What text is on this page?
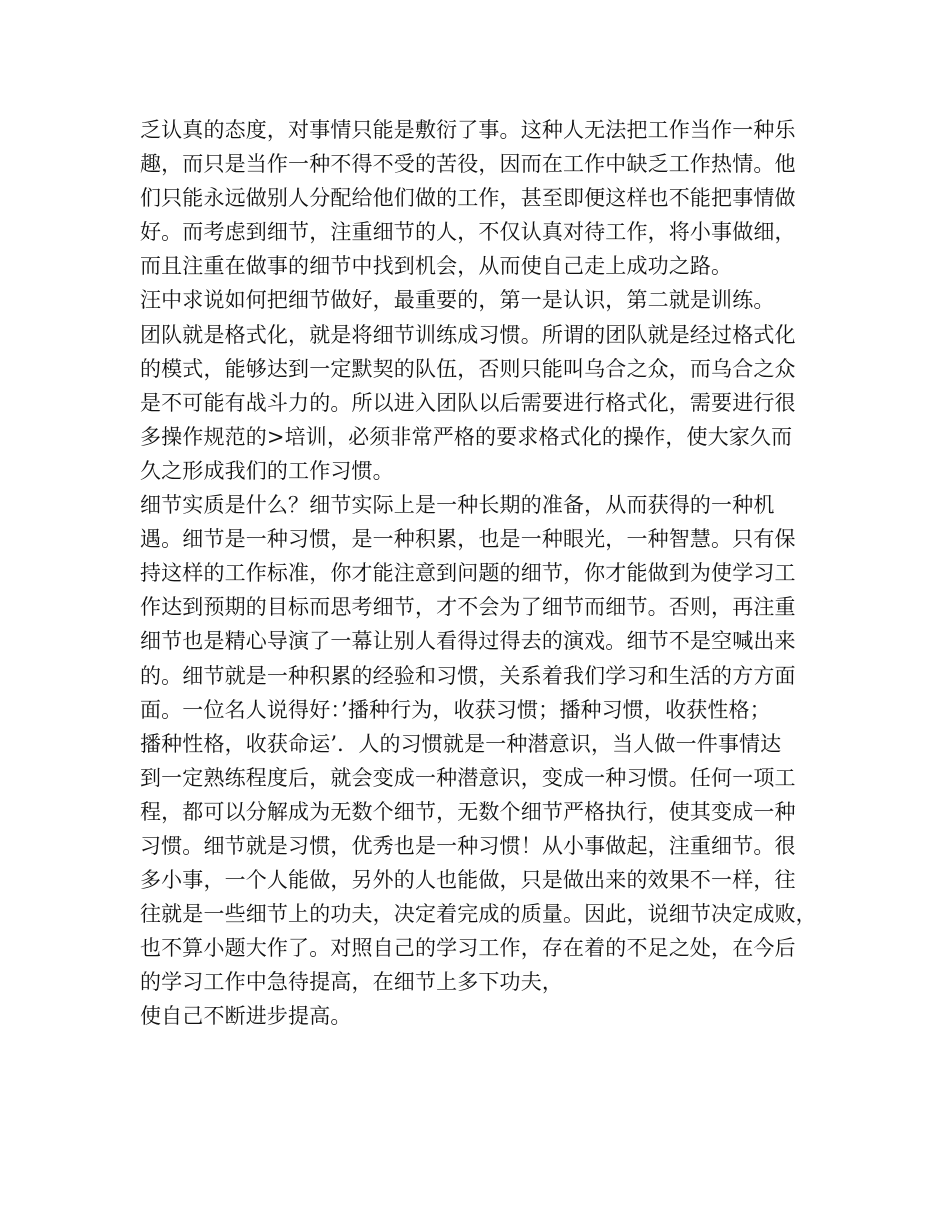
乏认真的态度，对事情只能是敷衍了事。这种人无法把工作当作一种乐
趣，而只是当作一种不得不受的苦役，因而在工作中缺乏工作热情。他
们只能永远做别人分配给他们做的工作，甚至即便这样也不能把事情做
好。而考虑到细节，注重细节的人，不仅认真对待工作，将小事做细，
而且注重在做事的细节中找到机会，从而使自己走上成功之路。
汪中求说如何把细节做好，最重要的，第一是认识，第二就是训练。
团队就是格式化，就是将细节训练成习惯。所谓的团队就是经过格式化
的模式，能够达到一定默契的队伍，否则只能叫乌合之众，而乌合之众
是不可能有战斗力的。所以进入团队以后需要进行格式化，需要进行很
多操作规范的>培训，必须非常严格的要求格式化的操作，使大家久而
久之形成我们的工作习惯。
细节实质是什么？细节实际上是一种长期的准备，从而获得的一种机
遇。细节是一种习惯，是一种积累，也是一种眼光，一种智慧。只有保
持这样的工作标准，你才能注意到问题的细节，你才能做到为使学习工
作达到预期的目标而思考细节，才不会为了细节而细节。否则，再注重
细节也是精心导演了一幕让别人看得过得去的演戏。细节不是空喊出来
的。细节就是一种积累的经验和习惯，关系着我们学习和生活的方方面
面。一位名人说得好：’播种行为，收获习惯；播种习惯，收获性格；
播种性格，收获命运’．人的习惯就是一种潜意识，当人做一件事情达
到一定熟练程度后，就会变成一种潜意识，变成一种习惯。任何一项工
程，都可以分解成为无数个细节，无数个细节严格执行，使其变成一种
习惯。细节就是习惯，优秀也是一种习惯！从小事做起，注重细节。很
多小事，一个人能做，另外的人也能做，只是做出来的效果不一样，往
往就是一些细节上的功夫，决定着完成的质量。因此，说细节决定成败，
也不算小题大作了。对照自己的学习工作，存在着的不足之处，在今后
的学习工作中急待提高，在细节上多下功夫，
使自己不断进步提高。
